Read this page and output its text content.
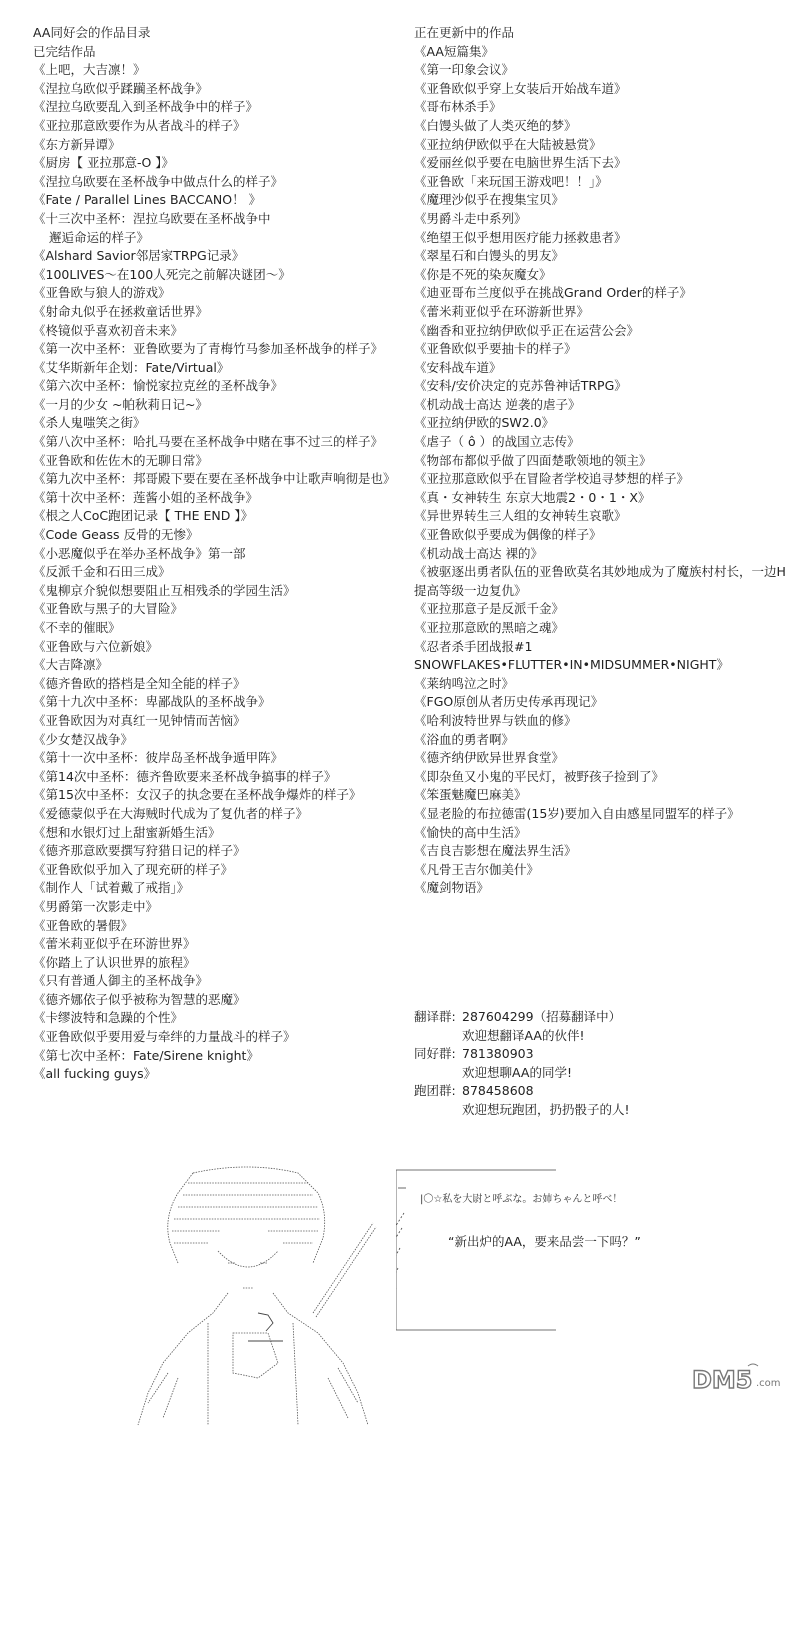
AA同好会的作品目录
已完结作品
《上吧，大吉凛！》
《涅拉乌欧似乎蹂躏圣杯战争》
《涅拉乌欧要乱入到圣杯战争中的样子》
《亚拉那意欧要作为从者战斗的样子》
《东方新异谭》
《厨房【 亚拉那意-O 】》
《涅拉乌欧要在圣杯战争中做点什么的样子》
《Fate / Parallel Lines BACCANO！ 》
《十三次中圣杯：涅拉乌欧要在圣杯战争中
邂逅命运的样子》
《Alshard Savior邻居家TRPG记录》
《100LIVES～在100人死完之前解决谜团～》
《亚鲁欧与狼人的游戏》
《射命丸似乎在拯救童话世界》
《柊镜似乎喜欢初音未来》
《第一次中圣杯：亚鲁欧要为了青梅竹马参加圣杯战争的样子》
《艾华斯新年企划：Fate/Virtual》
《第六次中圣杯：愉悦家拉克丝的圣杯战争》
《一月的少女 ~帕秋莉日记~》
《杀人鬼嗤笑之街》
《第八次中圣杯：哈扎马要在圣杯战争中赌在事不过三的样子》
《亚鲁欧和佐佐木的无聊日常》
《第九次中圣杯：邦哥殿下要在要在圣杯战争中让歌声响彻是也》
《第十次中圣杯：莲酱小姐的圣杯战争》
《根之人CoC跑团记录【 THE END 】》
《Code Geass 反骨的无惨》
《小恶魔似乎在举办圣杯战争》第一部
《反派千金和石田三成》
《鬼柳京介貌似想要阻止互相残杀的学园生活》
《亚鲁欧与黑子的大冒险》
《不幸的催眠》
《亚鲁欧与六位新娘》
《大吉降凛》
《德齐鲁欧的搭档是全知全能的样子》
《第十九次中圣杯：卑鄙战队的圣杯战争》
《亚鲁欧因为对真红一见钟情而苦恼》
《少女楚汉战争》
《第十一次中圣杯：彼岸岛圣杯战争遁甲阵》
《第14次中圣杯：德齐鲁欧要来圣杯战争搞事的样子》
《第15次中圣杯：女汉子的执念要在圣杯战争爆炸的样子》
《爱德蒙似乎在大海贼时代成为了复仇者的样子》
《想和水银灯过上甜蜜新婚生活》
《德齐那意欧要撰写狩猎日记的样子》
《亚鲁欧似乎加入了现充研的样子》
《制作人「试着戴了戒指」》
《男爵第一次影走中》
《亚鲁欧的暑假》
《蕾米莉亚似乎在环游世界》
《你踏上了认识世界的旅程》
《只有普通人御主的圣杯战争》
《德齐娜依子似乎被称为智慧的恶魔》
《卡缪波特和急躁的个性》
《亚鲁欧似乎要用爱与牵绊的力量战斗的样子》
《第七次中圣杯：Fate/Sirene knight》
《all fucking guys》
正在更新中的作品
《AA短篇集》
《第一印象会议》
《亚鲁欧似乎穿上女装后开始战车道》
《哥布林杀手》
《白馒头做了人类灭绝的梦》
《亚拉纳伊欧似乎在大陆被悬赏》
《爱丽丝似乎要在电脑世界生活下去》
《亚鲁欧「来玩国王游戏吧！！」》
《魔理沙似乎在搜集宝贝》
《男爵斗走中系列》
《绝望王似乎想用医疗能力拯救患者》
《翠星石和白馒头的男友》
《你是不死的染灰魔女》
《迪亚哥布兰度似乎在挑战Grand Order的样子》
《蕾米莉亚似乎在环游新世界》
《幽香和亚拉纳伊欧似乎正在运营公会》
《亚鲁欧似乎要抽卡的样子》
《安科战车道》
《安科/安价决定的克苏鲁神话TRPG》
《机动战士高达 逆袭的虐子》
《亚拉纳伊欧的SW2.0》
《虐子（ ô ）的战国立志传》
《物部布都似乎做了四面楚歌领地的领主》
《亚拉那意欧似乎在冒险者学校追寻梦想的样子》
《真・女神转生 东京大地震2・0・1・X》
《异世界转生三人组的女神转生哀歌》
《亚鲁欧似乎要成为偶像的样子》
《机动战士高达 裸的》
《被驱逐出勇者队伍的亚鲁欧莫名其妙地成为了魔族村村长，一边H提高等级一边复仇》
《亚拉那意子是反派千金》
《亚拉那意欧的黑暗之魂》
《忍者杀手团战报#1 SNOWFLAKES•FLUTTER•IN•MIDSUMMER•NIGHT》
《莱纳鸣泣之时》
《FGO原创从者历史传承再现记》
《哈利波特世界与铁血的修》
《浴血的勇者啊》
《德齐纳伊欧异世界食堂》
《即杂鱼又小鬼的平民灯，被野孩子捡到了》
《笨蛋魅魔巴麻美》
《显老脸的布拉德雷(15岁)要加入自由感星同盟军的样子》
《愉快的高中生活》
《吉良吉影想在魔法界生活》
《凡骨王吉尔伽美什》
《魔剑物语》
翻译群: 287604299（招募翻译中）
欢迎想翻译AA的伙伴!
同好群: 781380903
欢迎想聊AA的同学!
跑团群: 878458608
欢迎想玩跑团，扔扔骰子的人!
|〇☆私を大尉と呼ぶな。お姉ちゃんと呼べ！
“新出炉的AA，要来品尝一下吗？”
DM5 .com
